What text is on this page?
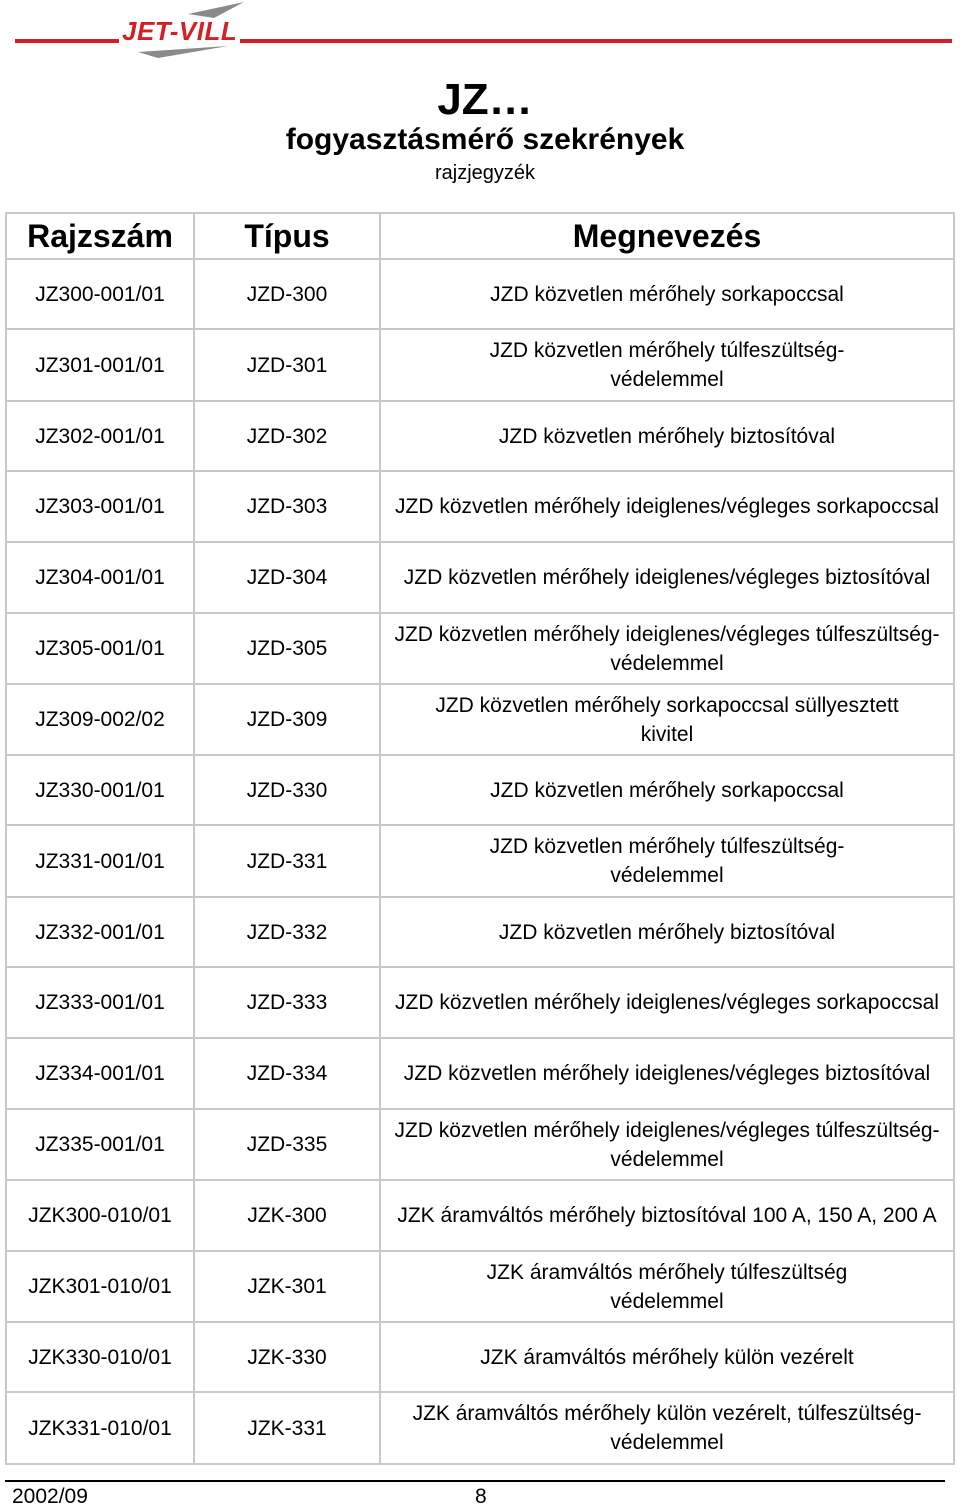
JET-VILL
JZ…
fogyasztásmérő szekrények
rajzjegyzék
Rajzszám	Típus	Megnevezés
JZ300-001/01	JZD-300	JZD közvetlen mérőhely sorkapoccsal
JZ301-001/01	JZD-301	JZD közvetlen mérőhely túlfeszültség-védelemmel
JZ302-001/01	JZD-302	JZD közvetlen mérőhely biztosítóval
JZ303-001/01	JZD-303	JZD közvetlen mérőhely ideiglenes/végleges sorkapoccsal
JZ304-001/01	JZD-304	JZD közvetlen mérőhely ideiglenes/végleges biztosítóval
JZ305-001/01	JZD-305	JZD közvetlen mérőhely ideiglenes/végleges túlfeszültség-védelemmel
JZ309-002/02	JZD-309	JZD közvetlen mérőhely sorkapoccsal süllyesztett kivitel
JZ330-001/01	JZD-330	JZD közvetlen mérőhely sorkapoccsal
JZ331-001/01	JZD-331	JZD közvetlen mérőhely túlfeszültség-védelemmel
JZ332-001/01	JZD-332	JZD közvetlen mérőhely biztosítóval
JZ333-001/01	JZD-333	JZD közvetlen mérőhely ideiglenes/végleges sorkapoccsal
JZ334-001/01	JZD-334	JZD közvetlen mérőhely ideiglenes/végleges biztosítóval
JZ335-001/01	JZD-335	JZD közvetlen mérőhely ideiglenes/végleges túlfeszültség-védelemmel
JZK300-010/01	JZK-300	JZK áramváltós mérőhely biztosítóval 100 A, 150 A, 200 A
JZK301-010/01	JZK-301	JZK áramváltós mérőhely túlfeszültség védelemmel
JZK330-010/01	JZK-330	JZK áramváltós mérőhely külön vezérelt
JZK331-010/01	JZK-331	JZK áramváltós mérőhely külön vezérelt, túlfeszültség-védelemmel
2002/09	8
